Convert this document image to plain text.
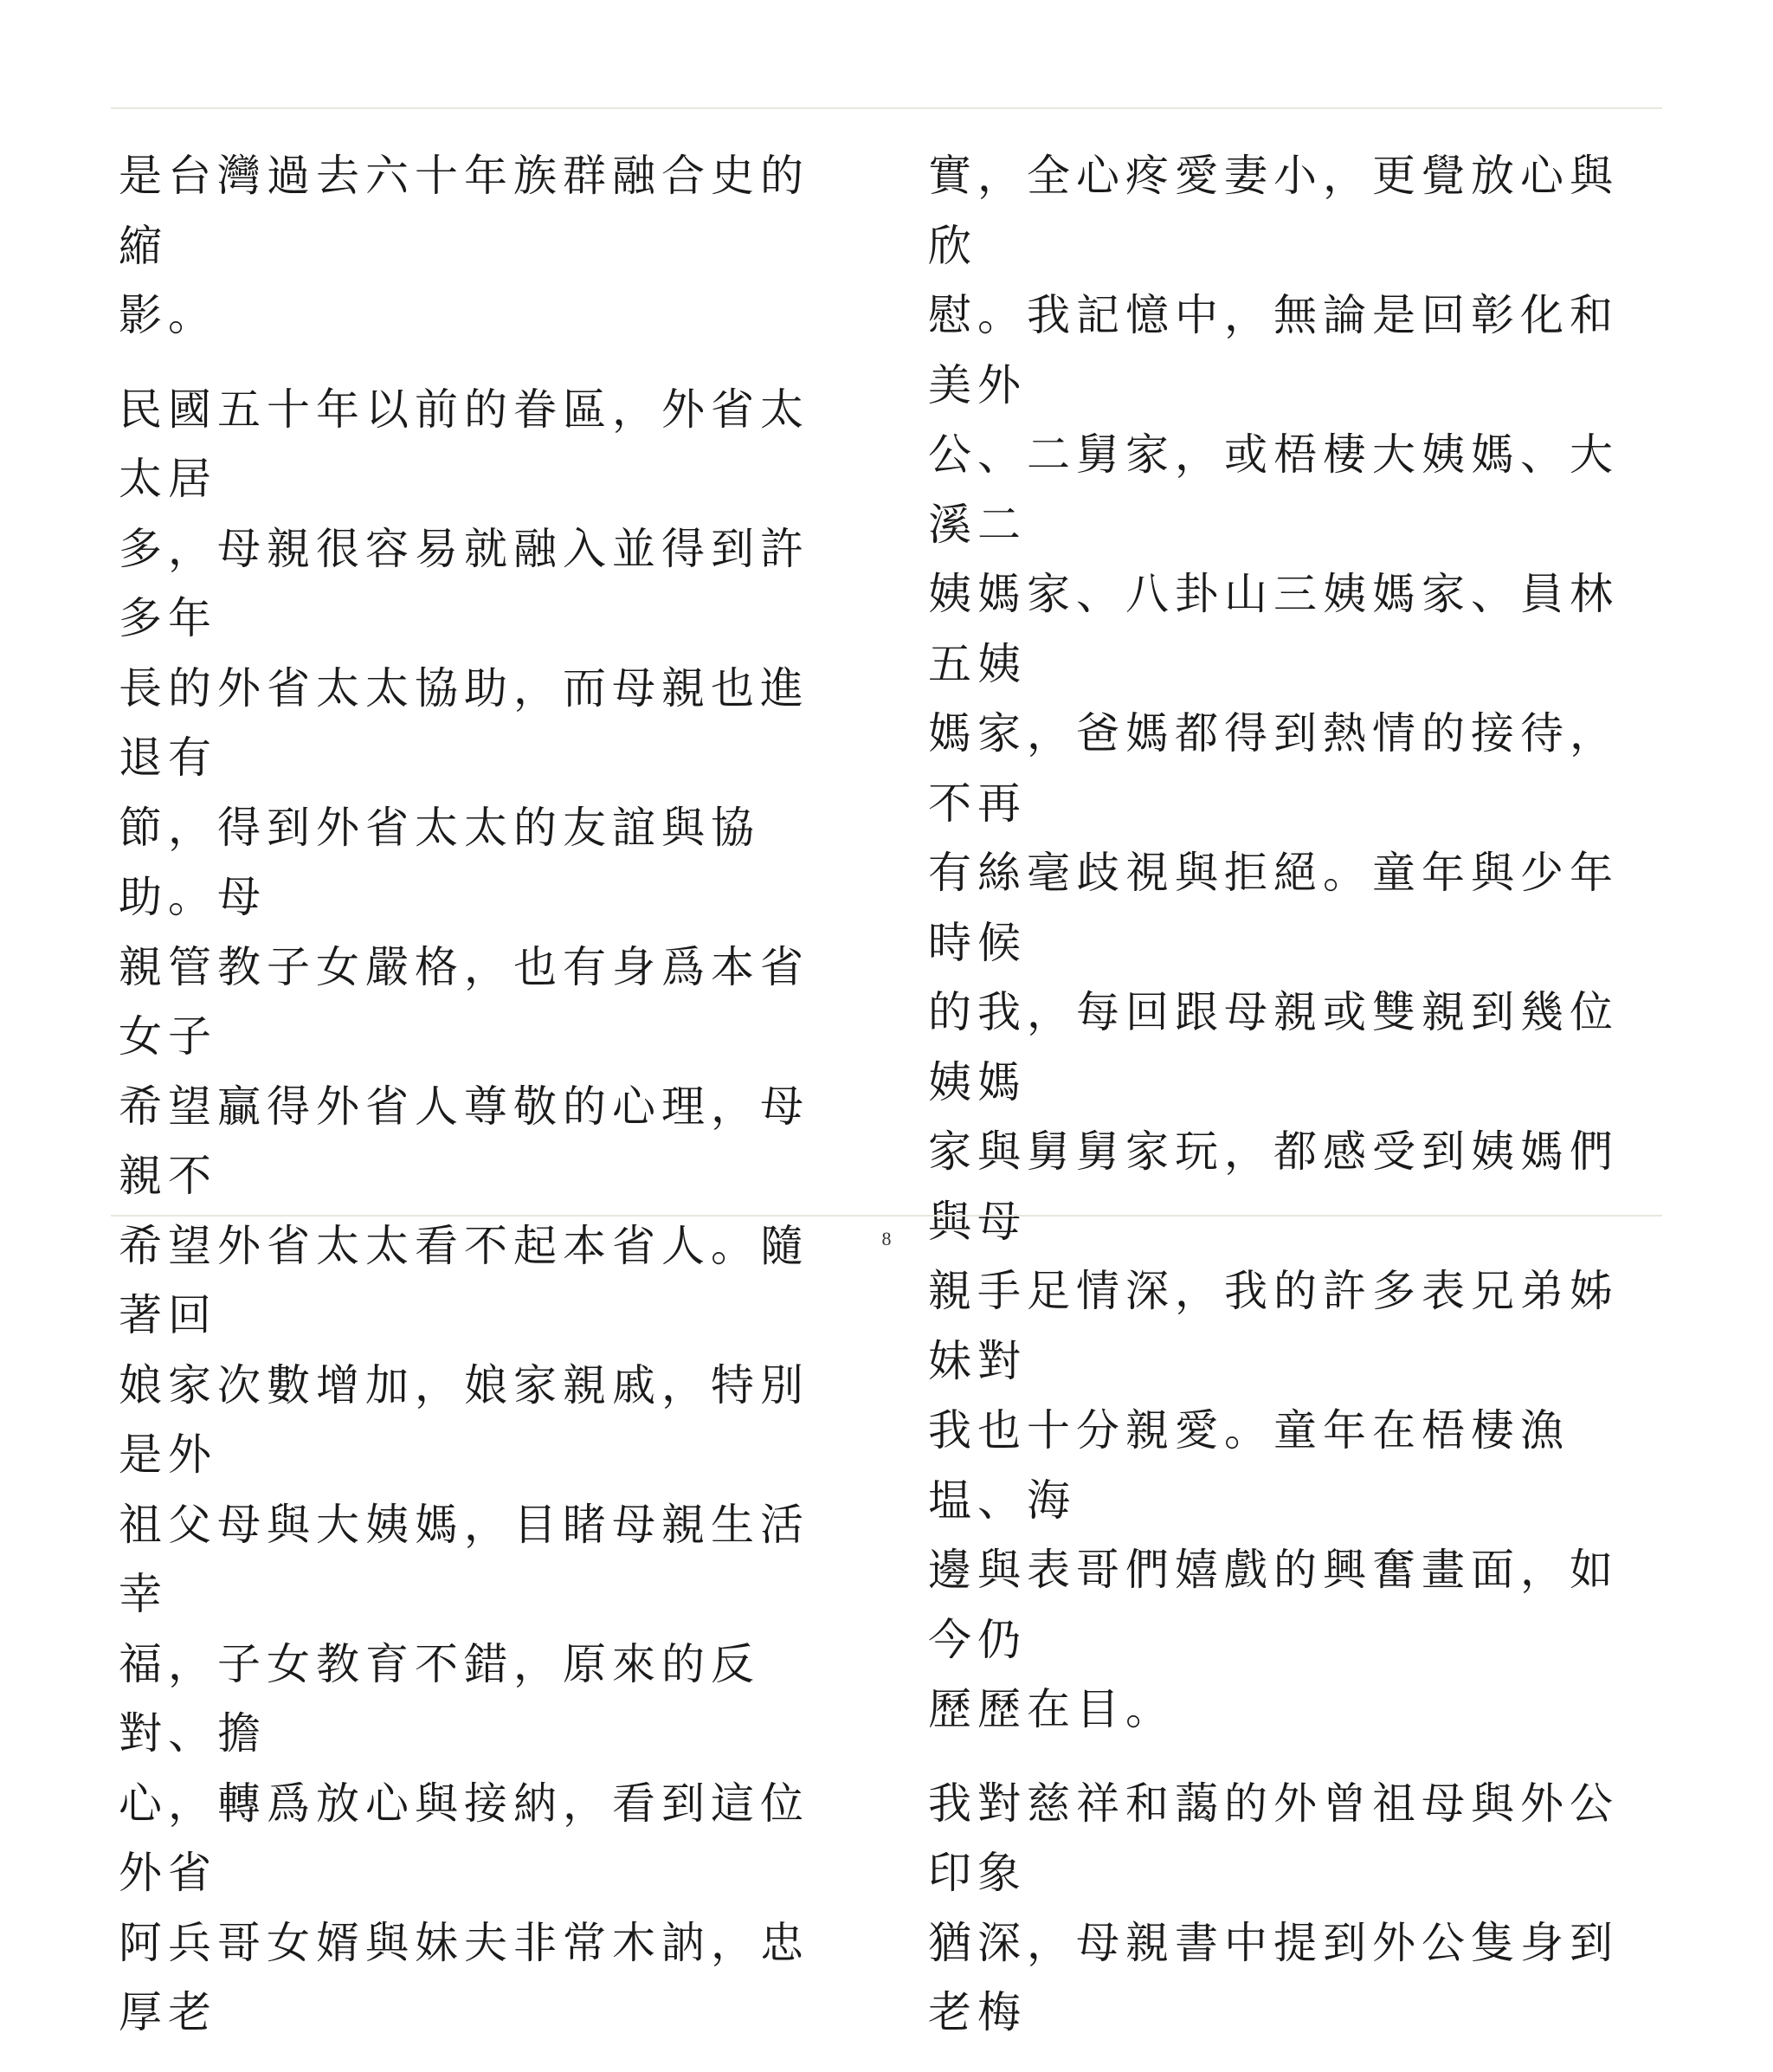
是台灣過去六十年族群融合史的縮
影。

民國五十年以前的眷區，外省太太居
多，母親很容易就融入並得到許多年
長的外省太太協助，而母親也進退有
節，得到外省太太的友誼與協助。母
親管教子女嚴格，也有身爲本省女子
希望贏得外省人尊敬的心理，母親不
希望外省太太看不起本省人。隨著回
娘家次數增加，娘家親戚，特別是外
祖父母與大姨媽，目睹母親生活幸
福，子女教育不錯，原來的反對、擔
心，轉爲放心與接納，看到這位外省
阿兵哥女婿與妹夫非常木訥，忠厚老

實，全心疼愛妻小，更覺放心與欣
慰。我記憶中，無論是回彰化和美外
公、二舅家，或梧棲大姨媽、大溪二
姨媽家、八卦山三姨媽家、員林五姨
媽家，爸媽都得到熱情的接待，不再
有絲毫歧視與拒絕。童年與少年時候
的我，每回跟母親或雙親到幾位姨媽
家與舅舅家玩，都感受到姨媽們與母
親手足情深，我的許多表兄弟姊妹對
我也十分親愛。童年在梧棲漁塭、海
邊與表哥們嬉戲的興奮畫面，如今仍
歷歷在目。

我對慈祥和藹的外曾祖母與外公印象
猶深，母親書中提到外公隻身到老梅

8
